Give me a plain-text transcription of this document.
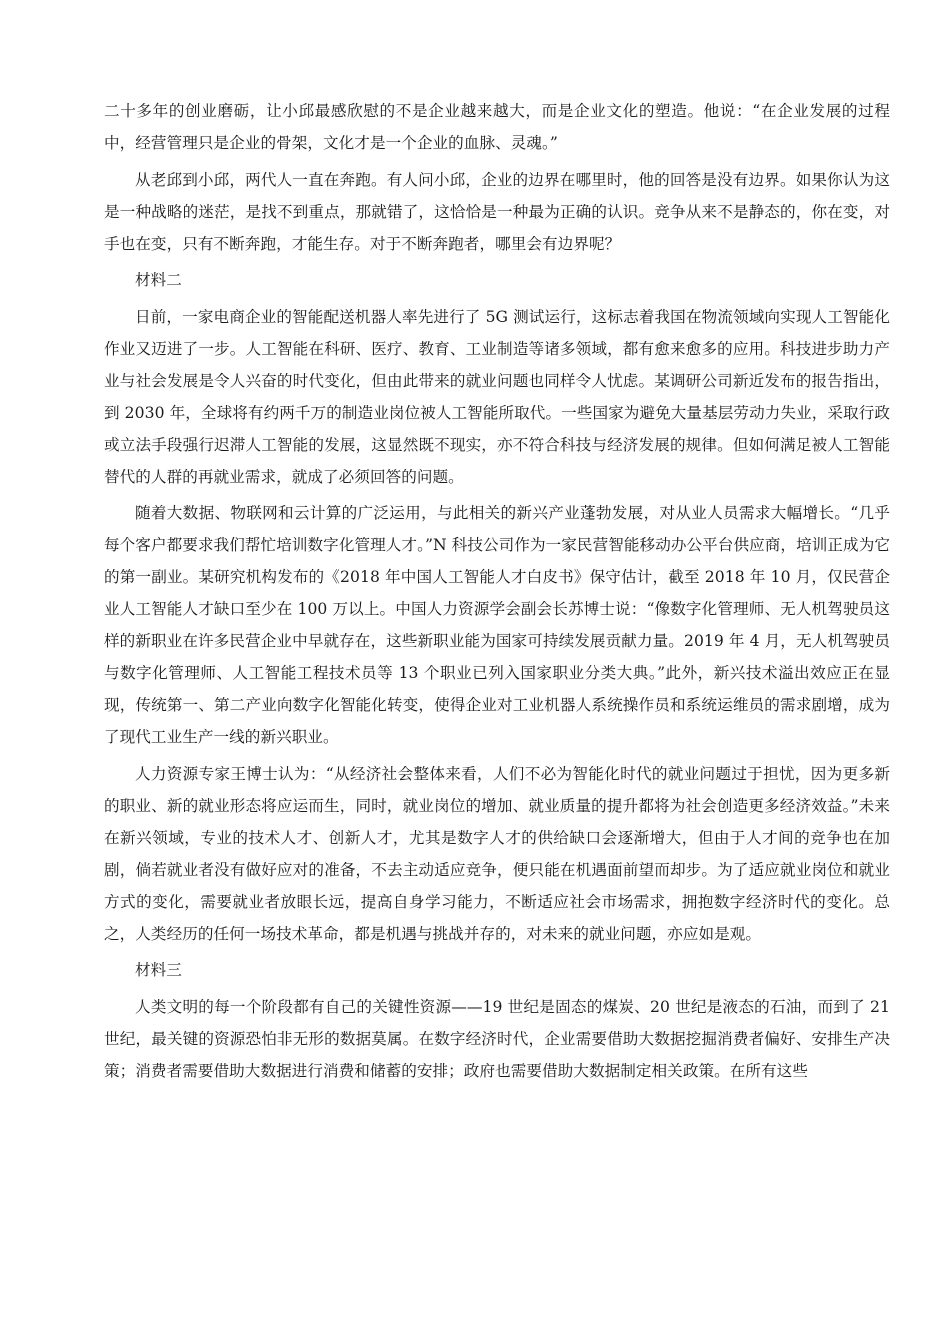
二十多年的创业磨砺，让小邱最感欣慰的不是企业越来越大，而是企业文化的塑造。他说：“在企业发展的过程中，经营管理只是企业的骨架，文化才是一个企业的血脉、灵魂。”

从老邱到小邱，两代人一直在奔跑。有人问小邱，企业的边界在哪里时，他的回答是没有边界。如果你认为这是一种战略的迷茫，是找不到重点，那就错了，这恰恰是一种最为正确的认识。竞争从来不是静态的，你在变，对手也在变，只有不断奔跑，才能生存。对于不断奔跑者，哪里会有边界呢？

材料二

日前，一家电商企业的智能配送机器人率先进行了 5G 测试运行，这标志着我国在物流领域向实现人工智能化作业又迈进了一步。人工智能在科研、医疗、教育、工业制造等诸多领域，都有愈来愈多的应用。科技进步助力产业与社会发展是令人兴奋的时代变化，但由此带来的就业问题也同样令人忧虑。某调研公司新近发布的报告指出，到 2030 年，全球将有约两千万的制造业岗位被人工智能所取代。一些国家为避免大量基层劳动力失业，采取行政或立法手段强行迟滞人工智能的发展，这显然既不现实，亦不符合科技与经济发展的规律。但如何满足被人工智能替代的人群的再就业需求，就成了必须回答的问题。

随着大数据、物联网和云计算的广泛运用，与此相关的新兴产业蓬勃发展，对从业人员需求大幅增长。“几乎每个客户都要求我们帮忙培训数字化管理人才。”N 科技公司作为一家民营智能移动办公平台供应商，培训正成为它的第一副业。某研究机构发布的《2018 年中国人工智能人才白皮书》保守估计，截至 2018 年 10 月，仅民营企业人工智能人才缺口至少在 100 万以上。中国人力资源学会副会长苏博士说：“像数字化管理师、无人机驾驶员这样的新职业在许多民营企业中早就存在，这些新职业能为国家可持续发展贡献力量。2019 年 4 月，无人机驾驶员与数字化管理师、人工智能工程技术员等 13 个职业已列入国家职业分类大典。”此外，新兴技术溢出效应正在显现，传统第一、第二产业向数字化智能化转变，使得企业对工业机器人系统操作员和系统运维员的需求剧增，成为了现代工业生产一线的新兴职业。

人力资源专家王博士认为：“从经济社会整体来看，人们不必为智能化时代的就业问题过于担忧，因为更多新的职业、新的就业形态将应运而生，同时，就业岗位的增加、就业质量的提升都将为社会创造更多经济效益。”未来在新兴领域，专业的技术人才、创新人才，尤其是数字人才的供给缺口会逐渐增大，但由于人才间的竞争也在加剧，倘若就业者没有做好应对的准备，不去主动适应竞争，便只能在机遇面前望而却步。为了适应就业岗位和就业方式的变化，需要就业者放眼长远，提高自身学习能力，不断适应社会市场需求，拥抱数字经济时代的变化。总之，人类经历的任何一场技术革命，都是机遇与挑战并存的，对未来的就业问题，亦应如是观。

材料三

人类文明的每一个阶段都有自己的关键性资源——19 世纪是固态的煤炭、20 世纪是液态的石油，而到了 21 世纪，最关键的资源恐怕非无形的数据莫属。在数字经济时代，企业需要借助大数据挖掘消费者偏好、安排生产决策；消费者需要借助大数据进行消费和储蓄的安排；政府也需要借助大数据制定相关政策。在所有这些
